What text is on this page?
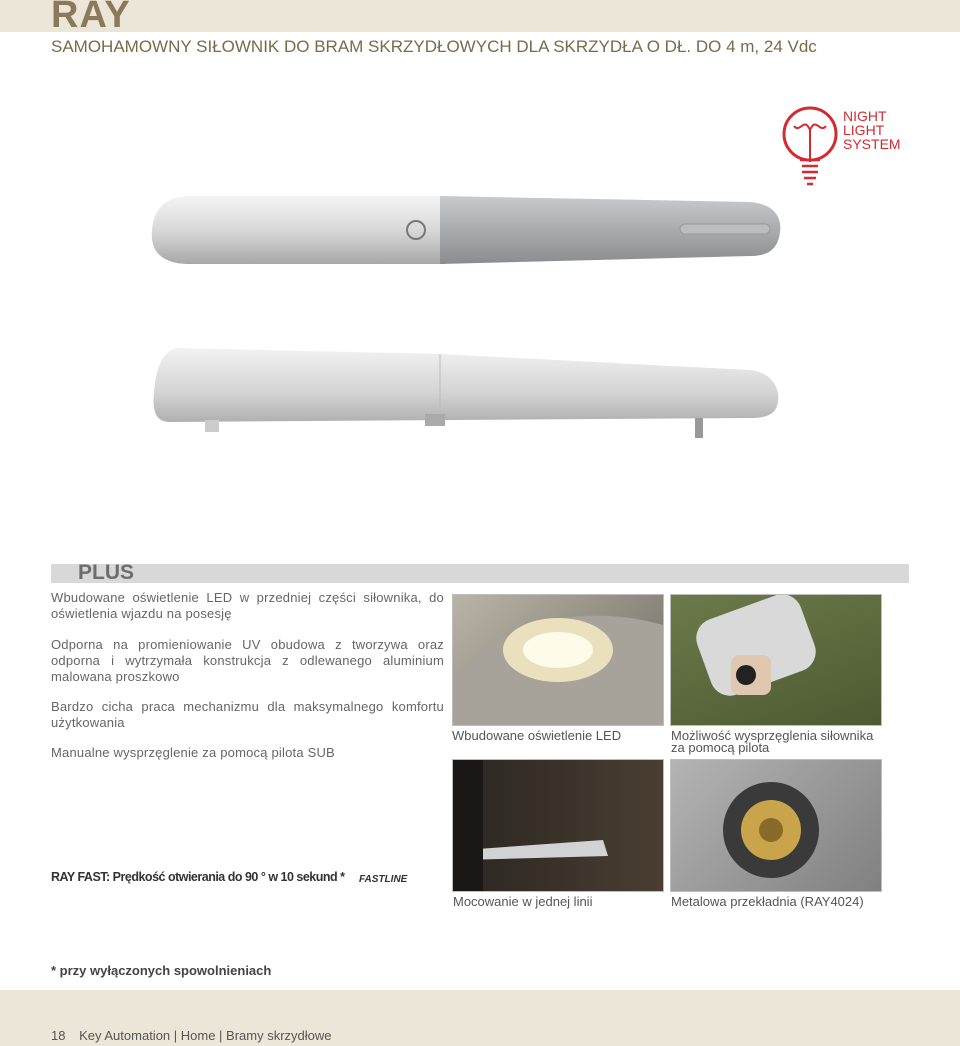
RAY
SAMOHAMOWNY SIŁOWNIK DO BRAM SKRZYDŁOWYCH DLA SKRZYDŁA O DŁ. DO 4 m, 24 Vdc
NIGHT
LIGHT
SYSTEM
PLUS
Wbudowane oświetlenie LED w przedniej części siłownika, do oświetlenia wjazdu na posesję
Odporna na promieniowanie UV obudowa z tworzywa oraz odporna i wytrzymała konstrukcja z odlewanego aluminium malowana proszkowo
Bardzo cicha praca mechanizmu dla maksymalnego komfortu użytkowania
Manualne wysprzęglenie za pomocą pilota SUB
Wbudowane oświetlenie LED	Możliwość wysprzęglenia siłownika za pomocą pilota
Mocowanie w jednej linii	Metalowa przekładnia (RAY4024)
RAY FAST: Prędkość otwierania do 90 ° w 10 sekund * FASTLINE
* przy wyłączonych spowolnieniach
18 Key Automation | Home | Bramy skrzydłowe
